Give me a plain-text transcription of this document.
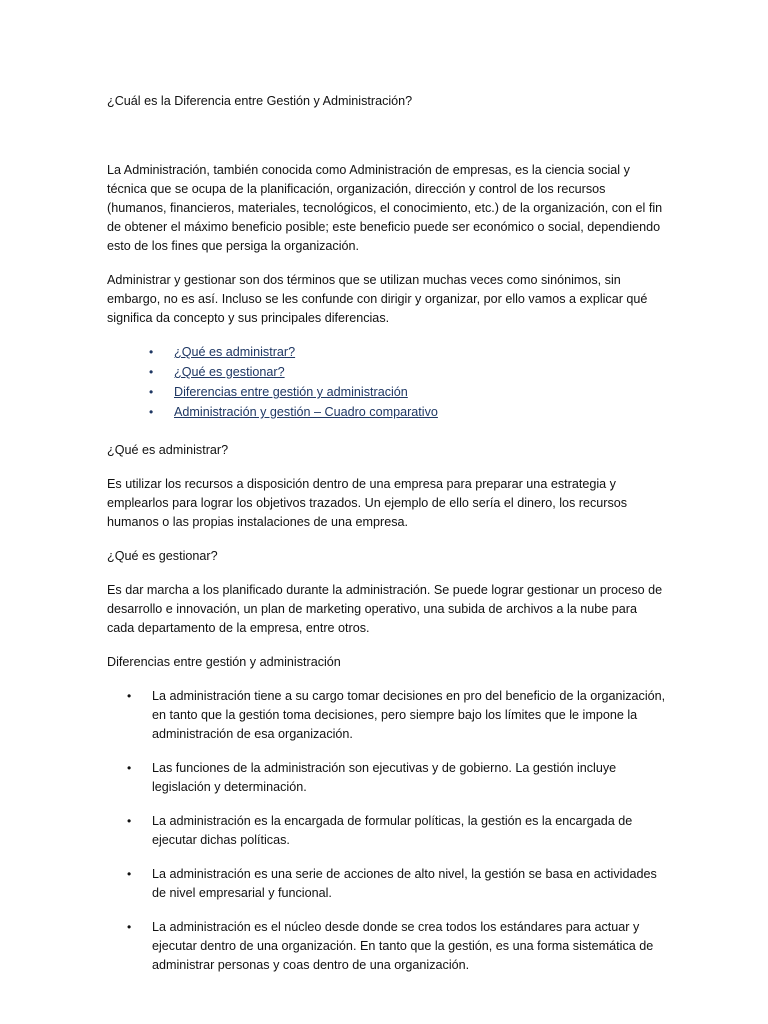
¿Cuál es la Diferencia entre Gestión y Administración?

La Administración, también conocida como Administración de empresas, es la ciencia social y técnica que se ocupa de la planificación, organización, dirección y control de los recursos (humanos, financieros, materiales, tecnológicos, el conocimiento, etc.) de la organización, con el fin de obtener el máximo beneficio posible; este beneficio puede ser económico o social, dependiendo esto de los fines que persiga la organización.

Administrar y gestionar son dos términos que se utilizan muchas veces como sinónimos, sin embargo, no es así. Incluso se les confunde con dirigir y organizar, por ello vamos a explicar qué significa da concepto y sus principales diferencias.

• ¿Qué es administrar?
• ¿Qué es gestionar?
• Diferencias entre gestión y administración
• Administración y gestión – Cuadro comparativo

¿Qué es administrar?

Es utilizar los recursos a disposición dentro de una empresa para preparar una estrategia y emplearlos para lograr los objetivos trazados. Un ejemplo de ello sería el dinero, los recursos humanos o las propias instalaciones de una empresa.

¿Qué es gestionar?

Es dar marcha a los planificado durante la administración. Se puede lograr gestionar un proceso de desarrollo e innovación, un plan de marketing operativo, una subida de archivos a la nube para cada departamento de la empresa, entre otros.

Diferencias entre gestión y administración

• La administración tiene a su cargo tomar decisiones en pro del beneficio de la organización, en tanto que la gestión toma decisiones, pero siempre bajo los límites que le impone la administración de esa organización.
• Las funciones de la administración son ejecutivas y de gobierno. La gestión incluye legislación y determinación.
• La administración es la encargada de formular políticas, la gestión es la encargada de ejecutar dichas políticas.
• La administración es una serie de acciones de alto nivel, la gestión se basa en actividades de nivel empresarial y funcional.
• La administración es el núcleo desde donde se crea todos los estándares para actuar y ejecutar dentro de una organización. En tanto que la gestión, es una forma sistemática de administrar personas y coas dentro de una organización.
